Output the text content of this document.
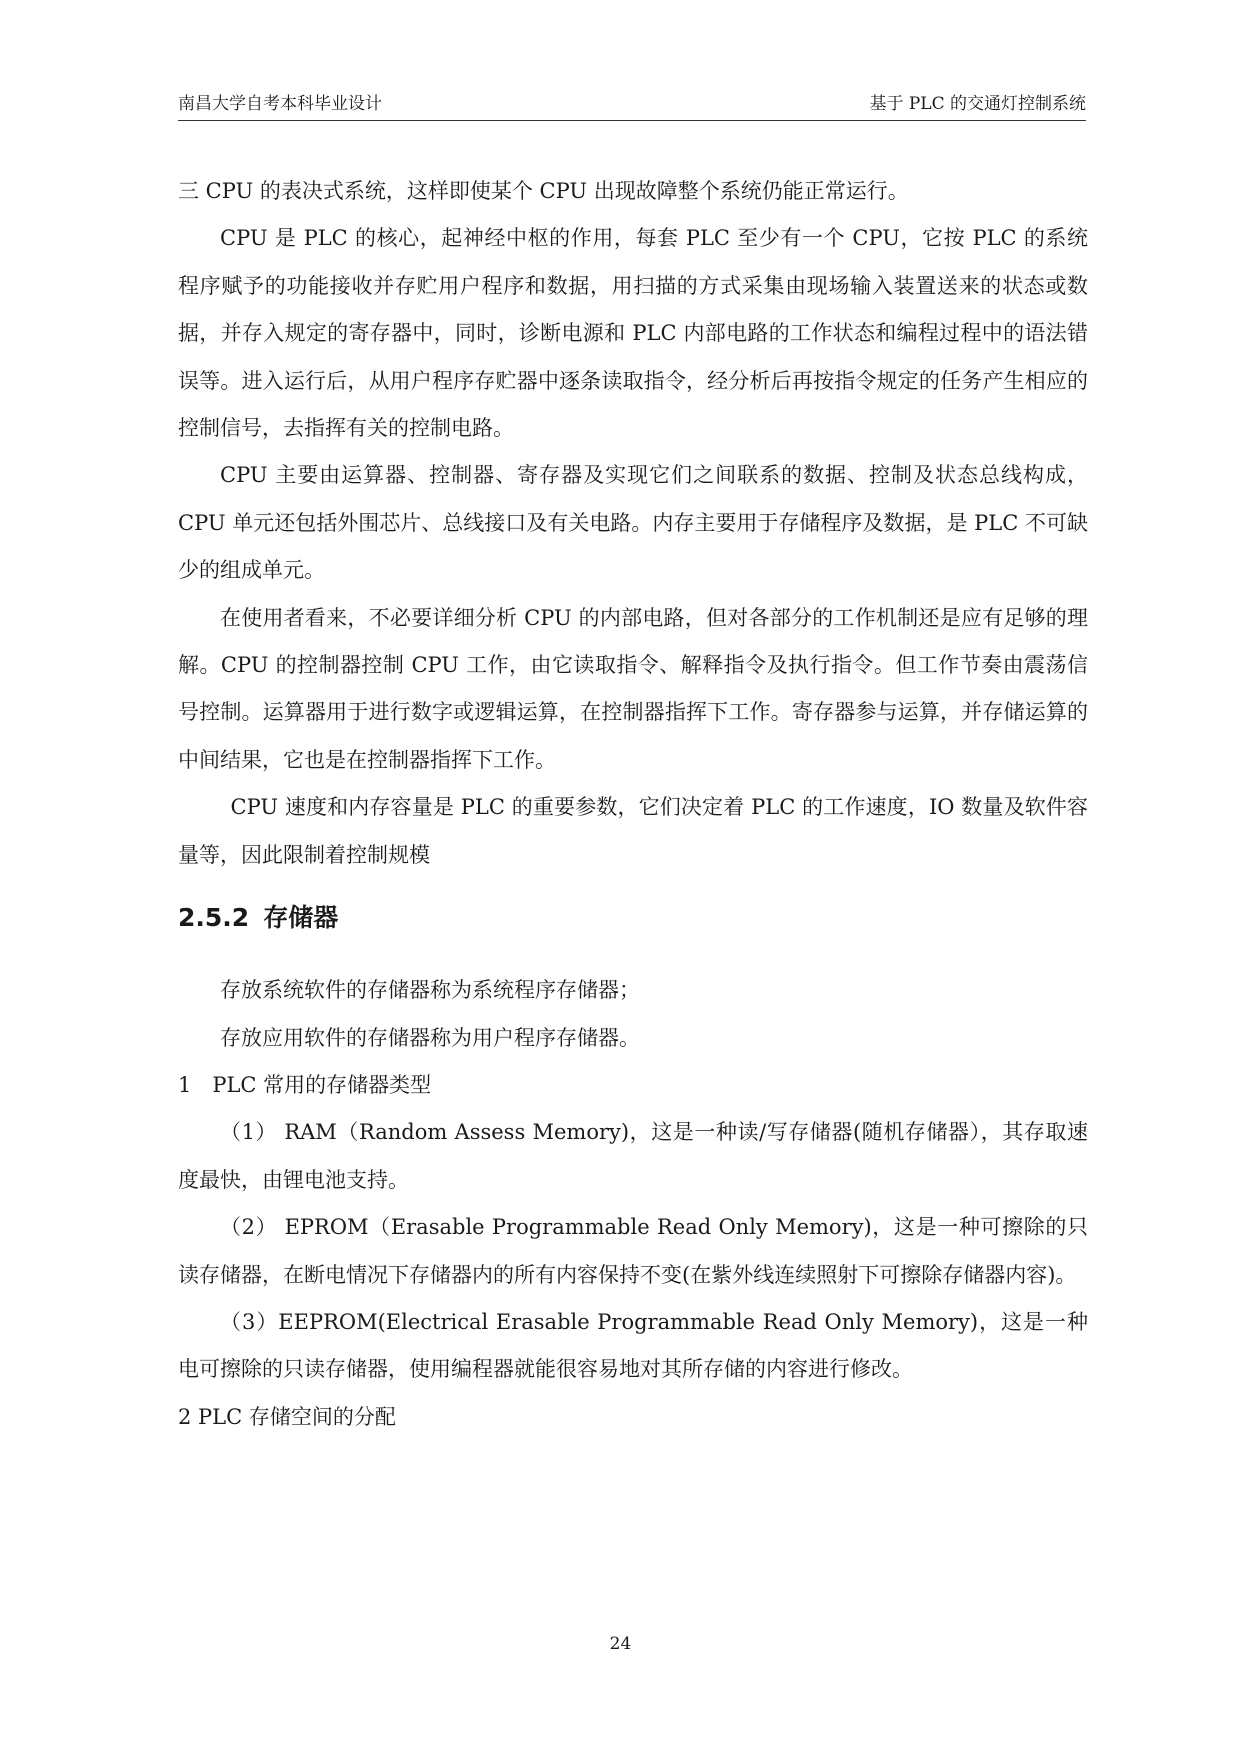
南昌大学自考本科毕业设计	基于 PLC 的交通灯控制系统

三 CPU 的表决式系统，这样即使某个 CPU 出现故障整个系统仍能正常运行。

CPU 是 PLC 的核心，起神经中枢的作用，每套 PLC 至少有一个 CPU，它按 PLC 的系统程序赋予的功能接收并存贮用户程序和数据，用扫描的方式采集由现场输入装置送来的状态或数据，并存入规定的寄存器中，同时，诊断电源和 PLC 内部电路的工作状态和编程过程中的语法错误等。进入运行后，从用户程序存贮器中逐条读取指令，经分析后再按指令规定的任务产生相应的控制信号，去指挥有关的控制电路。

CPU 主要由运算器、控制器、寄存器及实现它们之间联系的数据、控制及状态总线构成，CPU 单元还包括外围芯片、总线接口及有关电路。内存主要用于存储程序及数据，是 PLC 不可缺少的组成单元。

在使用者看来，不必要详细分析 CPU 的内部电路，但对各部分的工作机制还是应有足够的理解。CPU 的控制器控制 CPU 工作，由它读取指令、解释指令及执行指令。但工作节奏由震荡信号控制。运算器用于进行数字或逻辑运算，在控制器指挥下工作。寄存器参与运算，并存储运算的中间结果，它也是在控制器指挥下工作。

CPU 速度和内存容量是 PLC 的重要参数，它们决定着 PLC 的工作速度，IO 数量及软件容量等，因此限制着控制规模

2.5.2 存储器

存放系统软件的存储器称为系统程序存储器；

存放应用软件的存储器称为用户程序存储器。

1　PLC 常用的存储器类型

（1） RAM（Random Assess Memory)，这是一种读/写存储器(随机存储器），其存取速度最快，由锂电池支持。

（2） EPROM（Erasable Programmable Read Only Memory)，这是一种可擦除的只读存储器，在断电情况下存储器内的所有内容保持不变(在紫外线连续照射下可擦除存储器内容)。

（3）EEPROM(Electrical Erasable Programmable Read Only Memory)，这是一种电可擦除的只读存储器，使用编程器就能很容易地对其所存储的内容进行修改。

2 PLC 存储空间的分配

24
